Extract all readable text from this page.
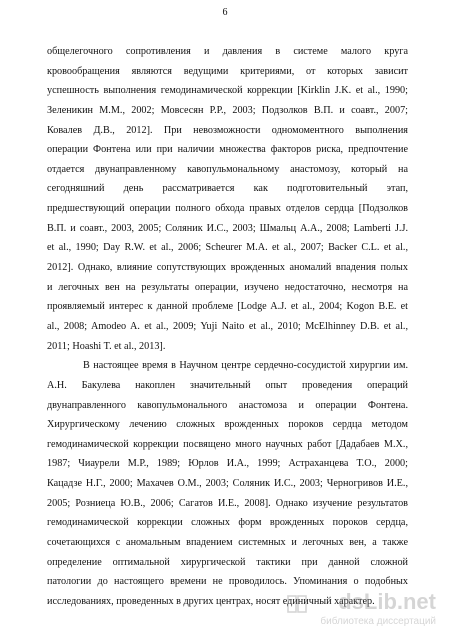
6
общелегочного сопротивления и давления в системе малого круга
кровообращения являются ведущими критериями, от которых зависит
успешность выполнения гемодинамической коррекции [Kirklin J.K. et al., 1990;
Зеленикин М.М., 2002; Мовсесян Р.Р., 2003; Подзолков В.П. и соавт., 2007;
Ковалев Д.В., 2012]. При невозможности одномоментного выполнения
операции Фонтена или при наличии множества факторов риска, предпочтение
отдается двунаправленному кавопульмональному анастомозу, который на
сегодняшний день рассматривается как подготовительный этап,
предшествующий операции полного обхода правых отделов сердца [Подзолков
В.П. и соавт., 2003, 2005; Соляник И.С., 2003; Шмальц А.А., 2008; Lamberti J.J.
et al., 1990; Day R.W. et al., 2006; Scheurer M.A. et al., 2007; Backer C.L. et al.,
2012]. Однако, влияние сопутствующих врожденных аномалий впадения полых
и легочных вен на результаты операции, изучено недостаточно, несмотря на
проявляемый интерес к данной проблеме [Lodge A.J. et al., 2004; Kogon B.E. et
al., 2008; Amodeo A. et al., 2009; Yuji Naito et al., 2010; McElhinney D.B. et al.,
2011; Hoashi T. et al., 2013].
В настоящее время в Научном центре сердечно-сосудистой хирургии им.
А.Н. Бакулева накоплен значительный опыт проведения операций
двунаправленного кавопульмонального анастомоза и операции Фонтена.
Хирургическому лечению сложных врожденных пороков сердца методом
гемодинамической коррекции посвящено много научных работ [Дадабаев М.Х.,
1987; Чиаурели М.Р., 1989; Юрлов И.А., 1999; Астраханцева Т.О., 2000;
Кацадзе Н.Г., 2000; Махачев О.М., 2003; Соляник И.С., 2003; Черногривов И.Е.,
2005; Розниеца Ю.В., 2006; Сагатов И.Е., 2008]. Однако изучение результатов
гемодинамической коррекции сложных форм врожденных пороков сердца,
сочетающихся с аномальным впадением системных и легочных вен, а также
определение оптимальной хирургической тактики при данной сложной
патологии до настоящего времени не проводилось. Упоминания о подобных
исследованиях, проведенных в других центрах, носят единичный характер.
dsLib.net
библиотека диссертаций
